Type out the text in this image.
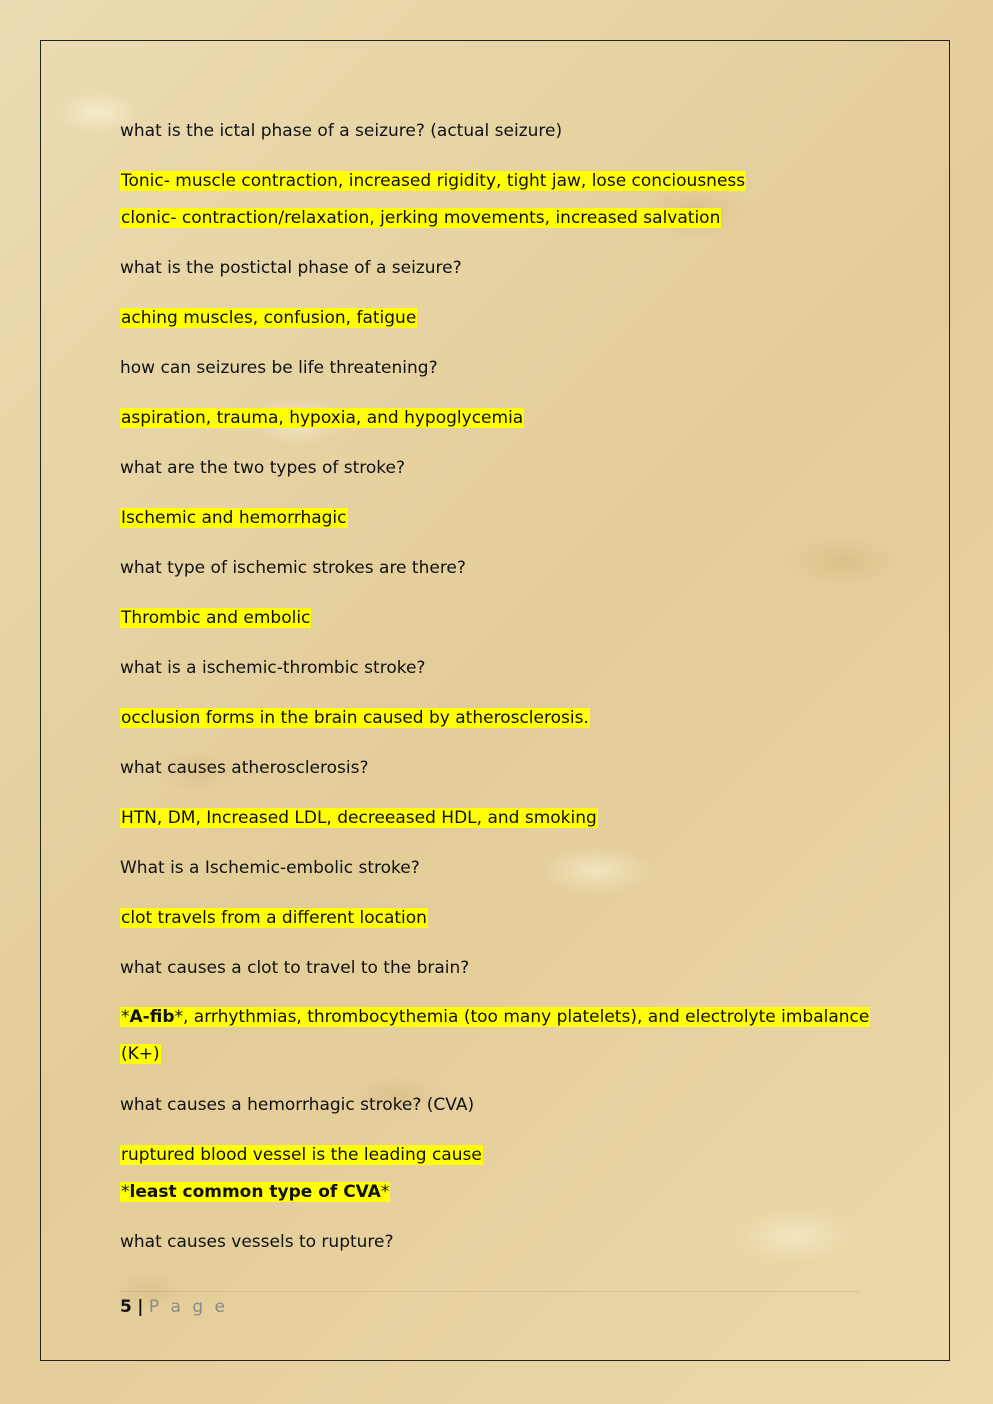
what is the ictal phase of a seizure? (actual seizure)
Tonic- muscle contraction, increased rigidity, tight jaw, lose conciousness
clonic- contraction/relaxation, jerking movements, increased salvation
what is the postictal phase of a seizure?
aching muscles, confusion, fatigue
how can seizures be life threatening?
aspiration, trauma, hypoxia, and hypoglycemia
what are the two types of stroke?
Ischemic and hemorrhagic
what type of ischemic strokes are there?
Thrombic and embolic
what is a ischemic-thrombic stroke?
occlusion forms in the brain caused by atherosclerosis.
what causes atherosclerosis?
HTN, DM, Increased LDL, decreeased HDL, and smoking
What is a Ischemic-embolic stroke?
clot travels from a different location
what causes a clot to travel to the brain?
*A-fib*, arrhythmias, thrombocythemia (too many platelets), and electrolyte imbalance (K+)
what causes a hemorrhagic stroke? (CVA)
ruptured blood vessel is the leading cause
*least common type of CVA*
what causes vessels to rupture?
5 | P a g e
